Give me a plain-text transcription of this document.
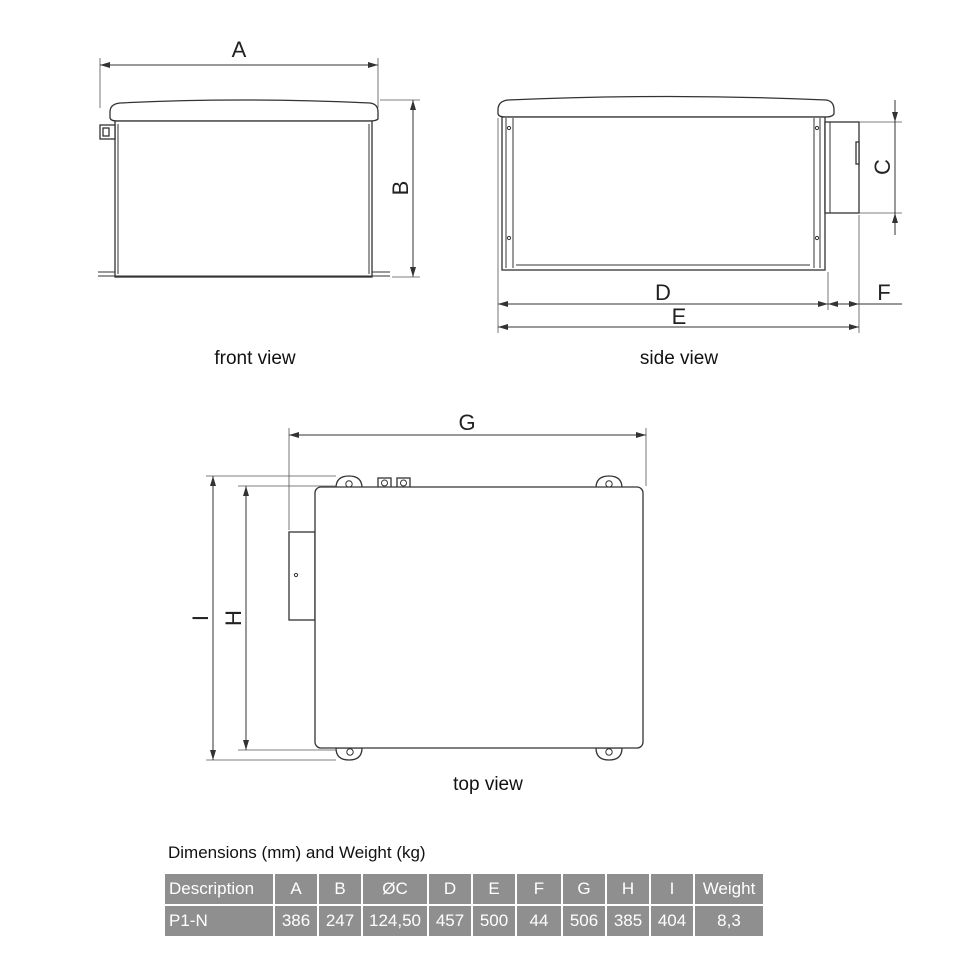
A
B
front view
C
D	F
E
side view
G
H
I
top view
Dimensions (mm) and Weight (kg)
Description	A	B	ØC	D	E	F	G	H	I	Weight
P1-N	386	247	124,50	457	500	44	506	385	404	8,3
